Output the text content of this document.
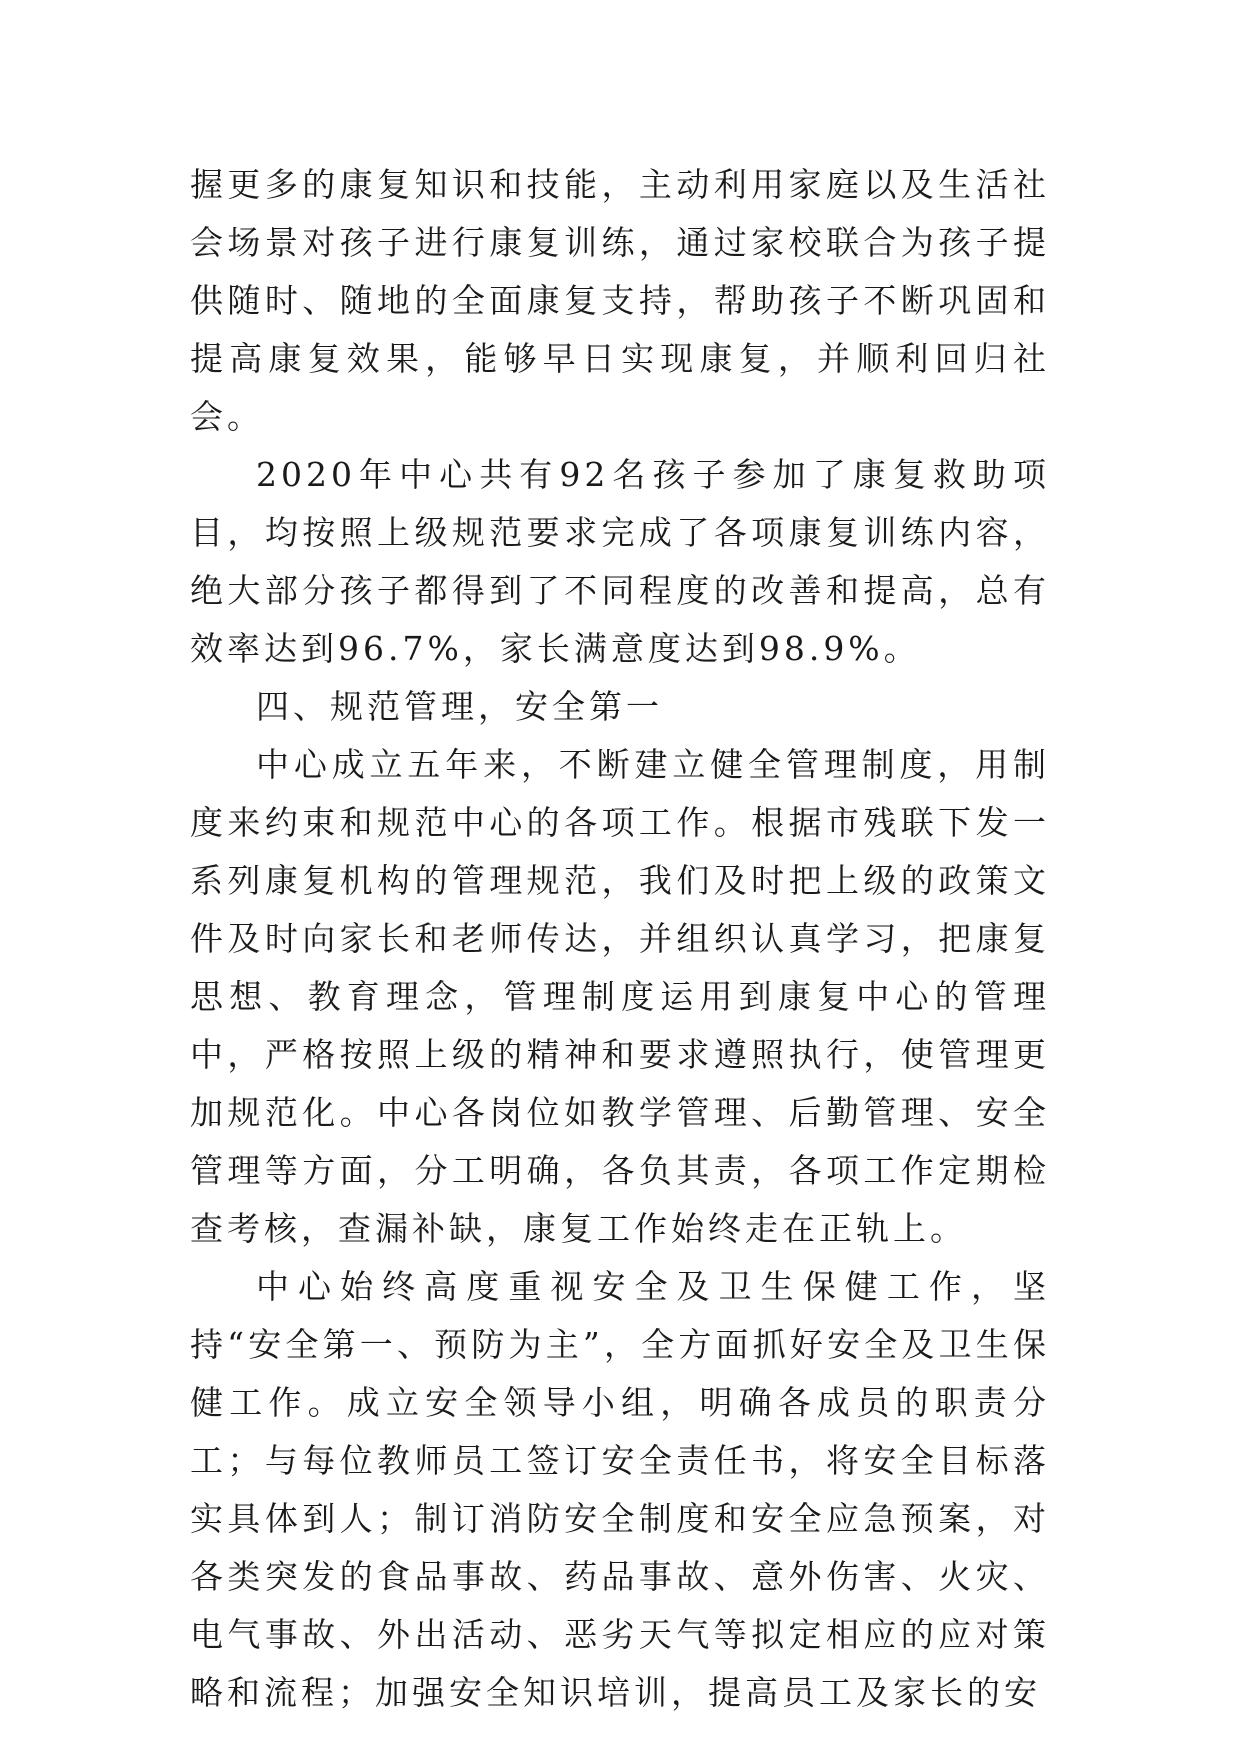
握更多的康复知识和技能，主动利用家庭以及生活社会场景对孩子进行康复训练，通过家校联合为孩子提供随时、随地的全面康复支持，帮助孩子不断巩固和提高康复效果，能够早日实现康复，并顺利回归社会。

2020年中心共有92名孩子参加了康复救助项目，均按照上级规范要求完成了各项康复训练内容，绝大部分孩子都得到了不同程度的改善和提高，总有效率达到96.7%，家长满意度达到98.9%。

四、规范管理，安全第一

中心成立五年来，不断建立健全管理制度，用制度来约束和规范中心的各项工作。根据市残联下发一系列康复机构的管理规范，我们及时把上级的政策文件及时向家长和老师传达，并组织认真学习，把康复思想、教育理念，管理制度运用到康复中心的管理中，严格按照上级的精神和要求遵照执行，使管理更加规范化。中心各岗位如教学管理、后勤管理、安全管理等方面，分工明确，各负其责，各项工作定期检查考核，查漏补缺，康复工作始终走在正轨上。

中心始终高度重视安全及卫生保健工作，坚持“安全第一、预防为主”，全方面抓好安全及卫生保健工作。成立安全领导小组，明确各成员的职责分工；与每位教师员工签订安全责任书，将安全目标落实具体到人；制订消防安全制度和安全应急预案，对各类突发的食品事故、药品事故、意外伤害、火灾、电气事故、外出活动、恶劣天气等拟定相应的应对策略和流程；加强安全知识培训，提高员工及家长的安
